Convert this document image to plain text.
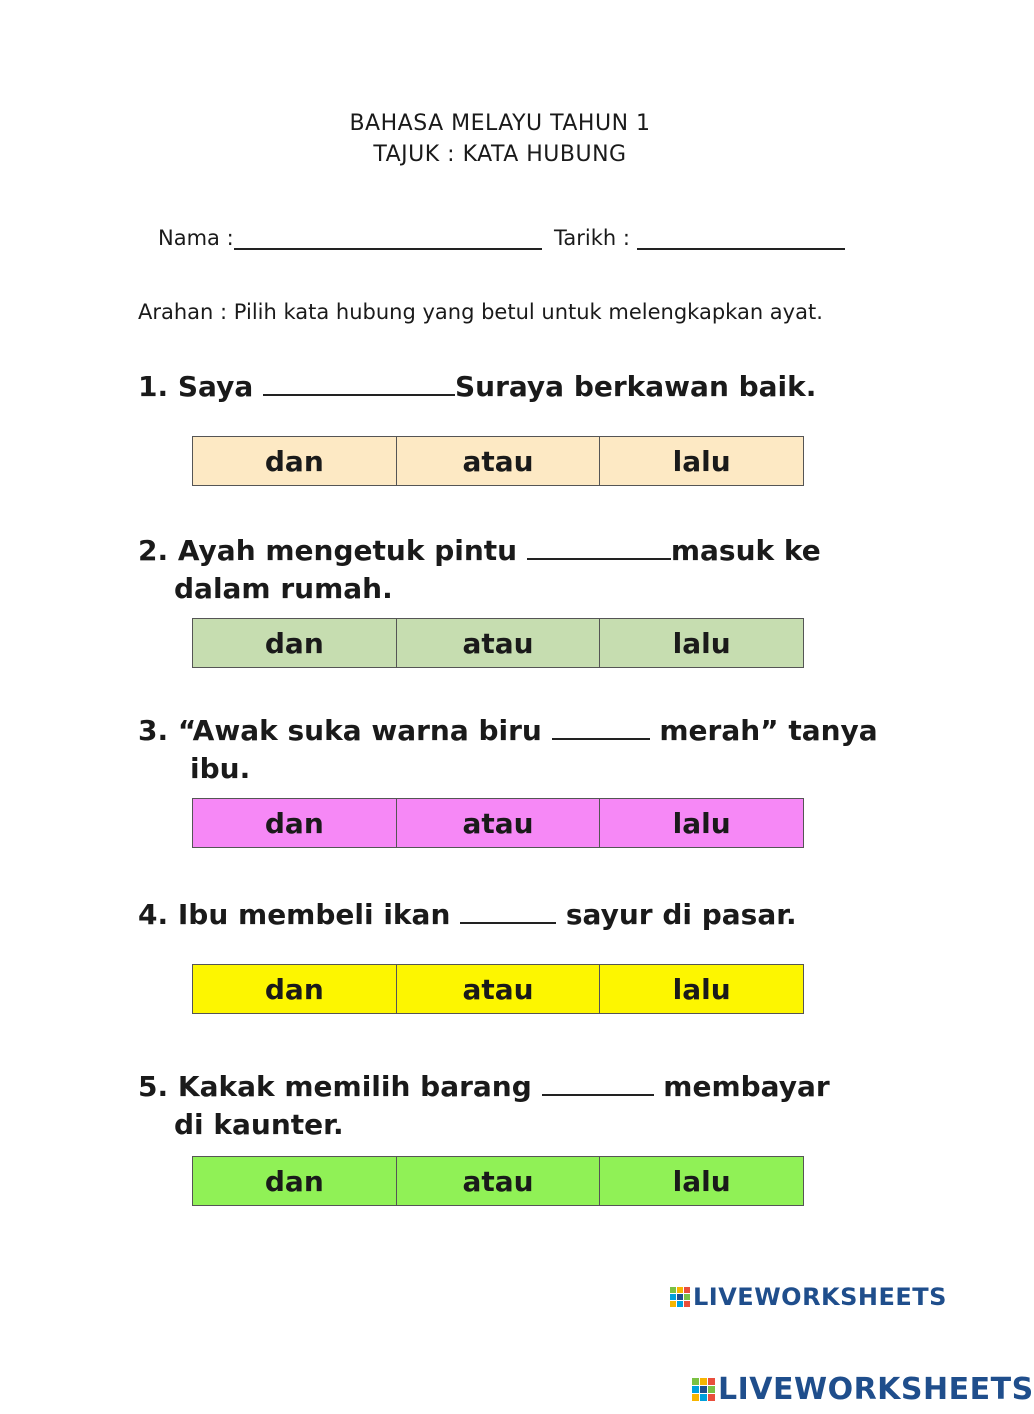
BAHASA MELAYU TAHUN 1
TAJUK : KATA HUBUNG
Nama :	Tarikh :
Arahan : Pilih kata hubung yang betul untuk melengkapkan ayat.
1. Saya	Suraya berkawan baik.
dan	atau	lalu
2. Ayah mengetuk pintu	masuk ke
dalam rumah.
dan	atau	lalu
3. “Awak suka warna biru	merah” tanya
ibu.
dan	atau	lalu
4. Ibu membeli ikan	sayur di pasar.
dan	atau	lalu
5. Kakak memilih barang	membayar
di kaunter.
dan	atau	lalu
LIVEWORKSHEETS
LIVEWORKSHEETS
